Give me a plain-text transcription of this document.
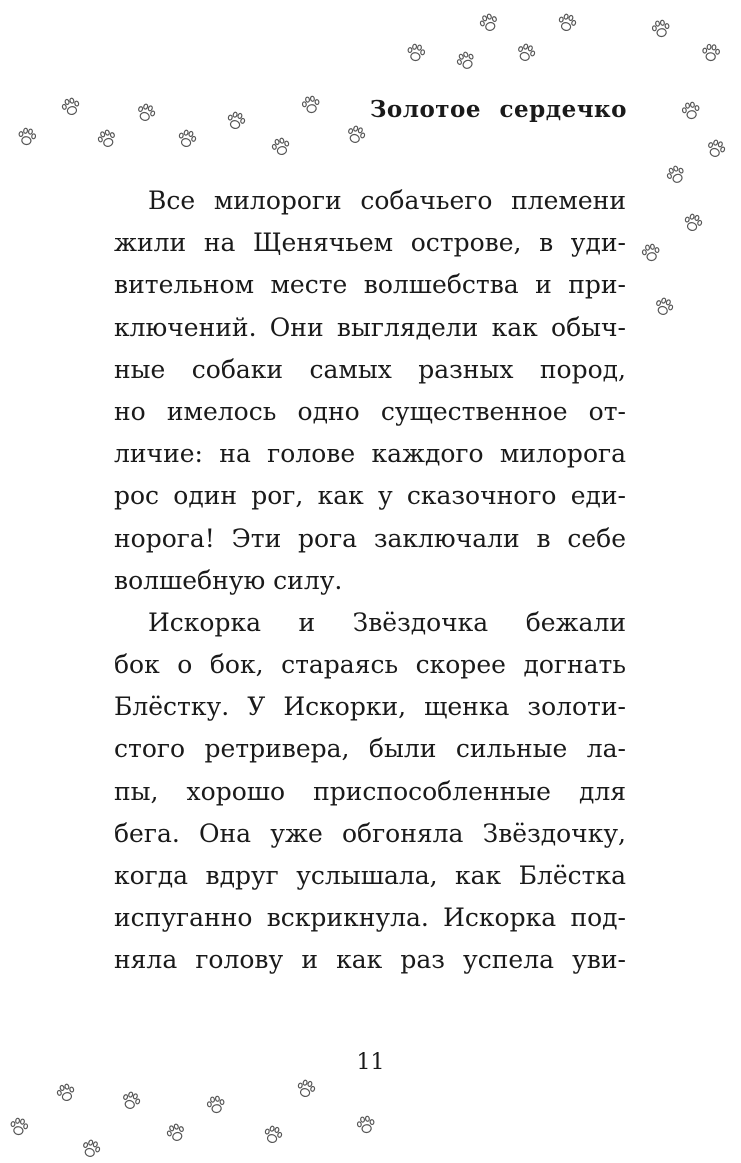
Золотое сердечко
Все милороги собачьего племени
жили на Щенячьем острове, в уди-
вительном месте волшебства и при-
ключений. Они выглядели как обыч-
ные собаки самых разных пород,
но имелось одно существенное от-
личие: на голове каждого милорога
рос один рог, как у сказочного еди-
норога! Эти рога заключали в себе
волшебную силу.
Искорка и Звёздочка бежали
бок о бок, стараясь скорее догнать
Блёстку. У Искорки, щенка золоти-
стого ретривера, были сильные ла-
пы, хорошо приспособленные для
бега. Она уже обгоняла Звёздочку,
когда вдруг услышала, как Блёстка
испуганно вскрикнула. Искорка под-
няла голову и как раз успела уви-
11
